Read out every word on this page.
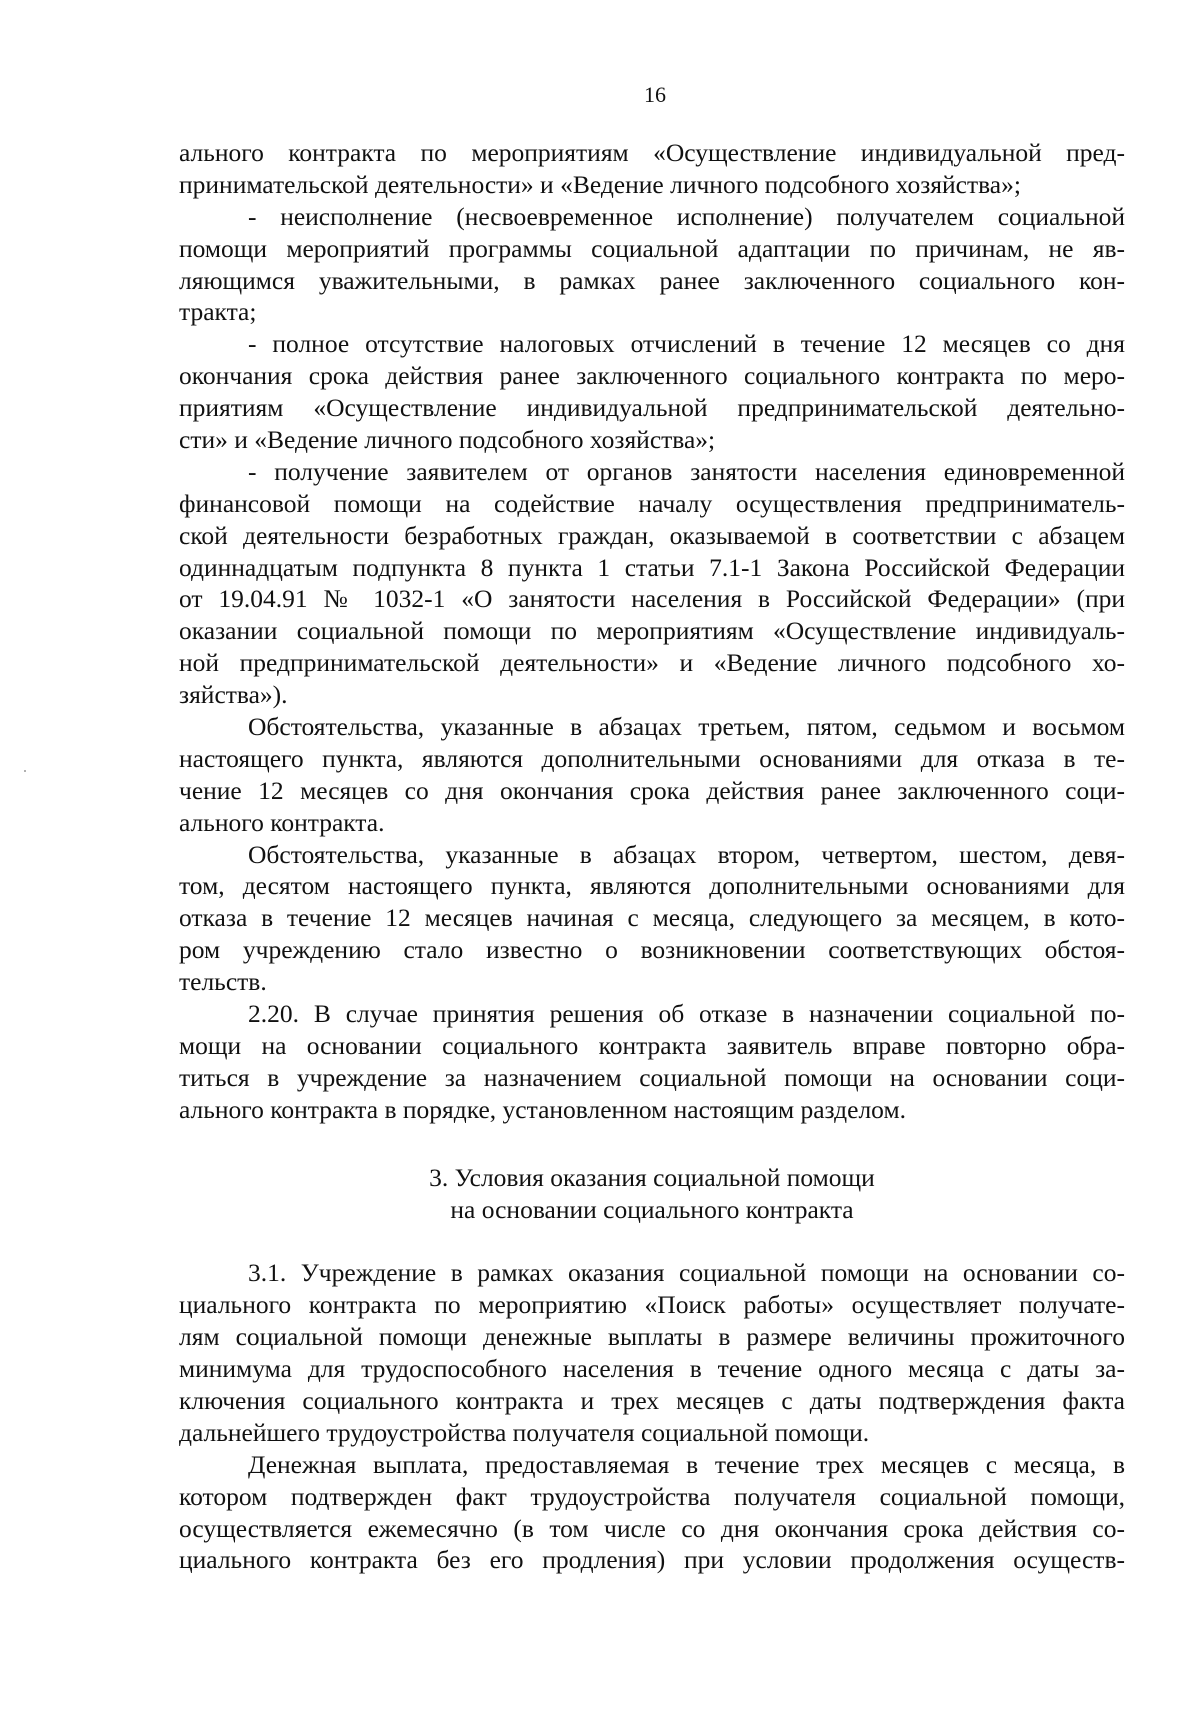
16
ального контракта по мероприятиям «Осуществление индивидуальной пред-
принимательской деятельности» и «Ведение личного подсобного хозяйства»;
- неисполнение (несвоевременное исполнение) получателем социальной
помощи мероприятий программы социальной адаптации по причинам, не яв-
ляющимся уважительными, в рамках ранее заключенного социального кон-
тракта;
- полное отсутствие налоговых отчислений в течение 12 месяцев со дня
окончания срока действия ранее заключенного социального контракта по меро-
приятиям «Осуществление индивидуальной предпринимательской деятельно-
сти» и «Ведение личного подсобного хозяйства»;
- получение заявителем от органов занятости населения единовременной
финансовой помощи на содействие началу осуществления предприниматель-
ской деятельности безработных граждан, оказываемой в соответствии с абзацем
одиннадцатым подпункта 8 пункта 1 статьи 7.1-1 Закона Российской Федерации
от 19.04.91 № 1032-1 «О занятости населения в Российской Федерации» (при
оказании социальной помощи по мероприятиям «Осуществление индивидуаль-
ной предпринимательской деятельности» и «Ведение личного подсобного хо-
зяйства»).
Обстоятельства, указанные в абзацах третьем, пятом, седьмом и восьмом
настоящего пункта, являются дополнительными основаниями для отказа в те-
чение 12 месяцев со дня окончания срока действия ранее заключенного соци-
ального контракта.
Обстоятельства, указанные в абзацах втором, четвертом, шестом, девя-
том, десятом настоящего пункта, являются дополнительными основаниями для
отказа в течение 12 месяцев начиная с месяца, следующего за месяцем, в кото-
ром учреждению стало известно о возникновении соответствующих обстоя-
тельств.
2.20. В случае принятия решения об отказе в назначении социальной по-
мощи на основании социального контракта заявитель вправе повторно обра-
титься в учреждение за назначением социальной помощи на основании соци-
ального контракта в порядке, установленном настоящим разделом.
3. Условия оказания социальной помощи
на основании социального контракта
3.1. Учреждение в рамках оказания социальной помощи на основании со-
циального контракта по мероприятию «Поиск работы» осуществляет получате-
лям социальной помощи денежные выплаты в размере величины прожиточного
минимума для трудоспособного населения в течение одного месяца с даты за-
ключения социального контракта и трех месяцев с даты подтверждения факта
дальнейшего трудоустройства получателя социальной помощи.
Денежная выплата, предоставляемая в течение трех месяцев с месяца, в
котором подтвержден факт трудоустройства получателя социальной помощи,
осуществляется ежемесячно (в том числе со дня окончания срока действия со-
циального контракта без его продления) при условии продолжения осуществ-
